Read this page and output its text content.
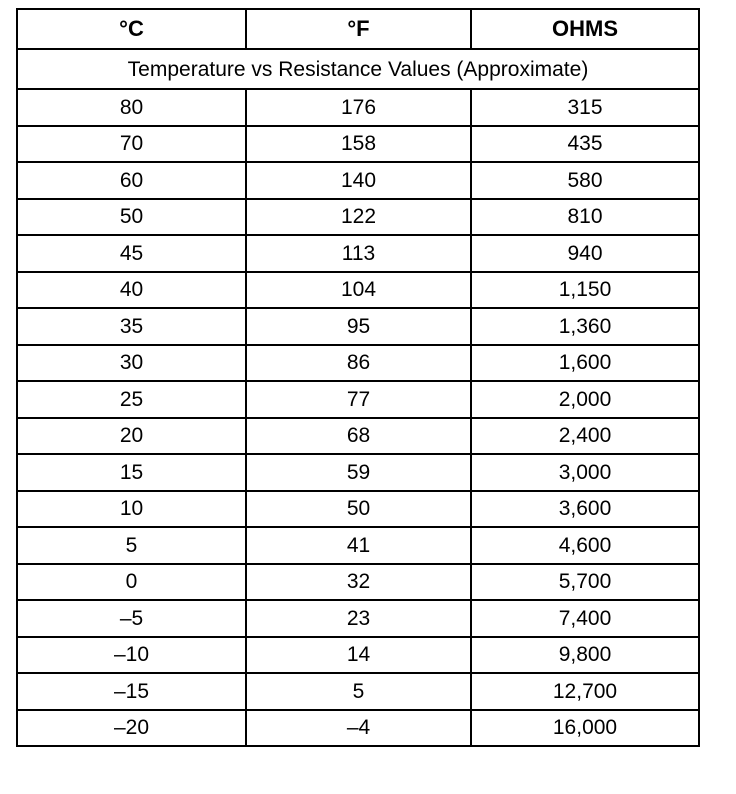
°C	°F	OHMS
Temperature vs Resistance Values (Approximate)		
80	176	315
70	158	435
60	140	580
50	122	810
45	113	940
40	104	1,150
35	95	1,360
30	86	1,600
25	77	2,000
20	68	2,400
15	59	3,000
10	50	3,600
5	41	4,600
0	32	5,700
–5	23	7,400
–10	14	9,800
–15	5	12,700
–20	–4	16,000
